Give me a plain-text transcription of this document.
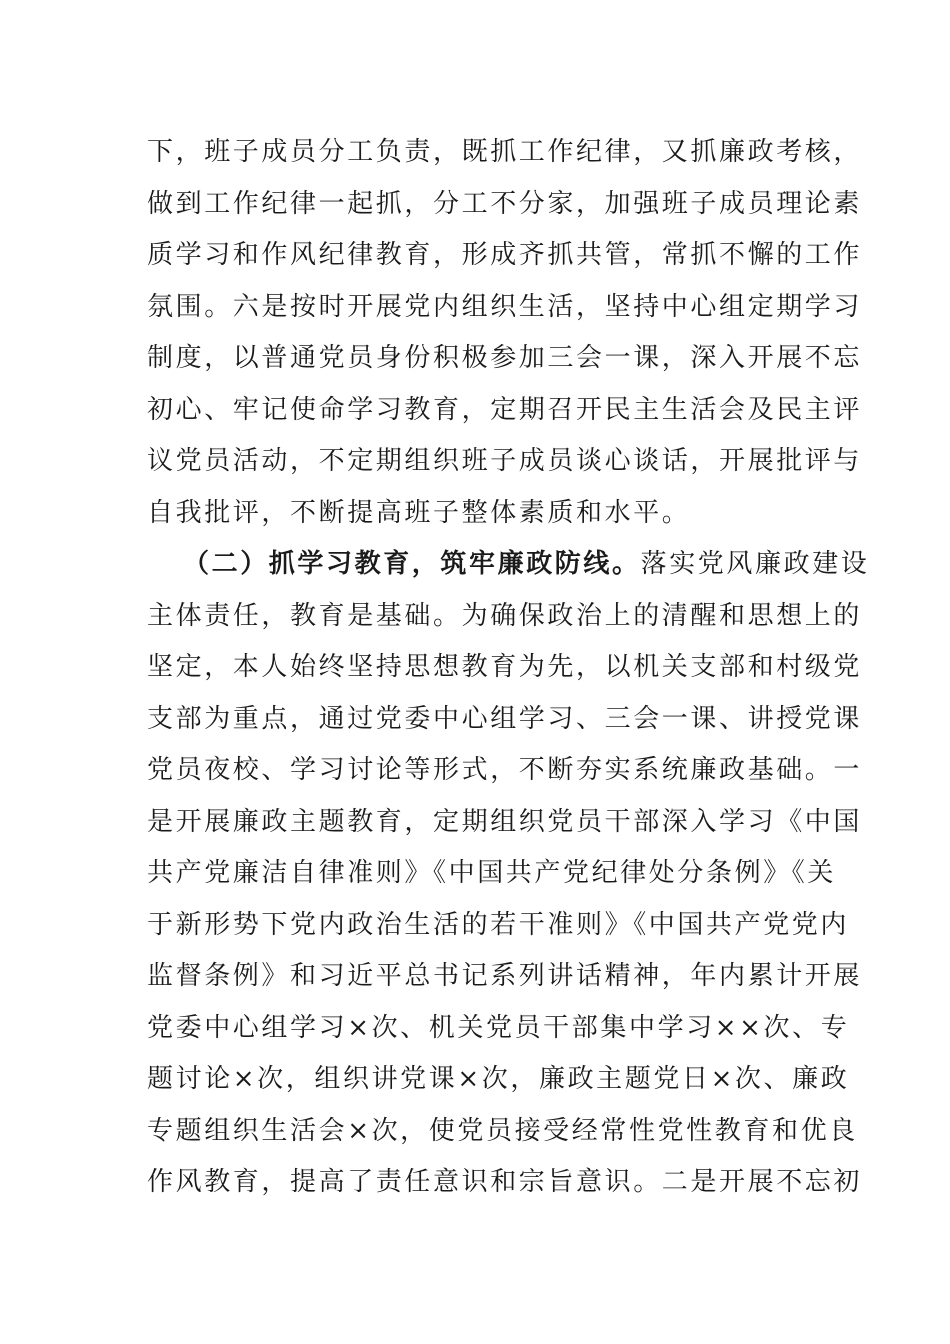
下，班子成员分工负责，既抓工作纪律，又抓廉政考核，
做到工作纪律一起抓，分工不分家，加强班子成员理论素
质学习和作风纪律教育，形成齐抓共管，常抓不懈的工作
氛围。六是按时开展党内组织生活，坚持中心组定期学习
制度，以普通党员身份积极参加三会一课，深入开展不忘
初心、牢记使命学习教育，定期召开民主生活会及民主评
议党员活动，不定期组织班子成员谈心谈话，开展批评与
自我批评，不断提高班子整体素质和水平。
（二）抓学习教育，筑牢廉政防线。落实党风廉政建设
主体责任，教育是基础。为确保政治上的清醒和思想上的
坚定，本人始终坚持思想教育为先，以机关支部和村级党
支部为重点，通过党委中心组学习、三会一课、讲授党课
党员夜校、学习讨论等形式，不断夯实系统廉政基础。一
是开展廉政主题教育，定期组织党员干部深入学习《中国
共产党廉洁自律准则》《中国共产党纪律处分条例》《关
于新形势下党内政治生活的若干准则》《中国共产党党内
监督条例》和习近平总书记系列讲话精神，年内累计开展
党委中心组学习×次、机关党员干部集中学习××次、专
题讨论×次，组织讲党课×次，廉政主题党日×次、廉政
专题组织生活会×次，使党员接受经常性党性教育和优良
作风教育，提高了责任意识和宗旨意识。二是开展不忘初
